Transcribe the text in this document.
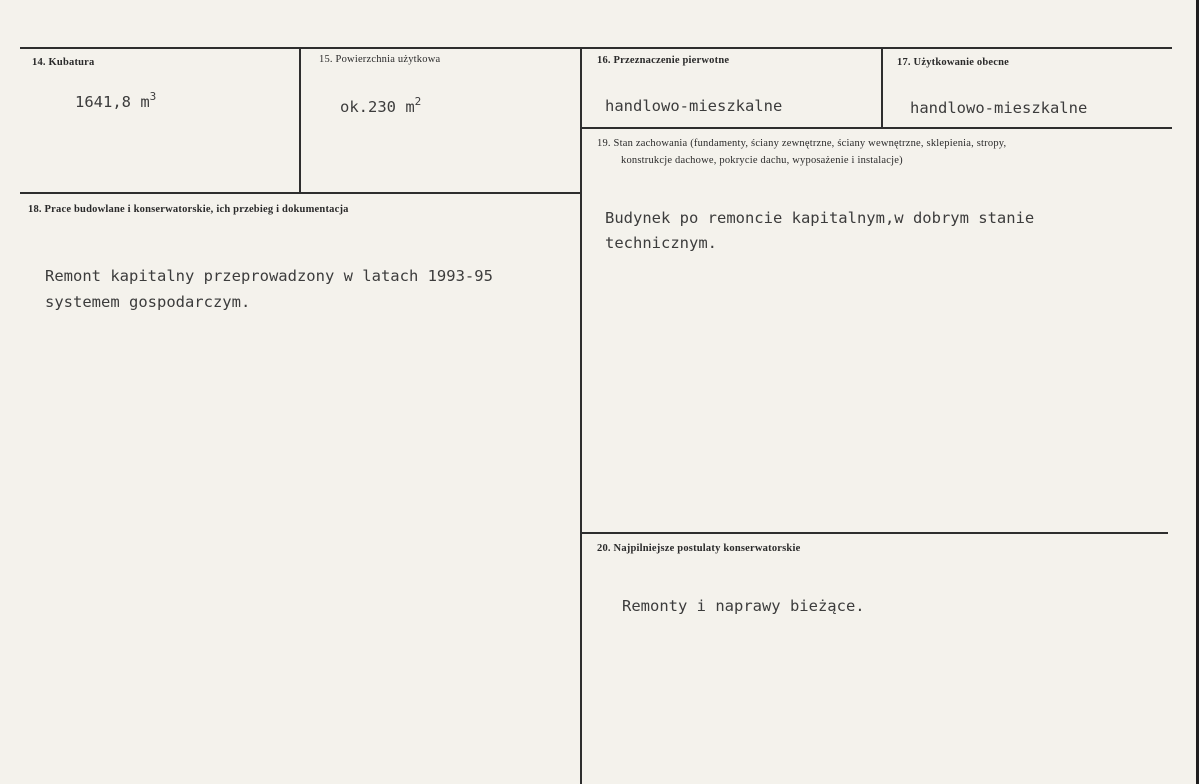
14. Kubatura
1641,8 $m^3$
15. Powierzchnia użytkowa
ok.230 $m^2$
16. Przeznaczenie pierwotne
handlowo-mieszkalne
17. Użytkowanie obecne
handlowo-mieszkalne
19. Stan zachowania (fundamenty, ściany zewnętrzne, ściany wewnętrzne, sklepienia, stropy,
konstrukcje dachowe, pokrycie dachu, wyposażenie i instalacje)
Budynek po remoncie kapitalnym,w dobrym stanie
technicznym.
18. Prace budowlane i konserwatorskie, ich przebieg i dokumentacja
Remont kapitalny przeprowadzony w latach 1993-95
systemem gospodarczym.
20. Najpilniejsze postulaty konserwatorskie
Remonty i naprawy bieżące.
